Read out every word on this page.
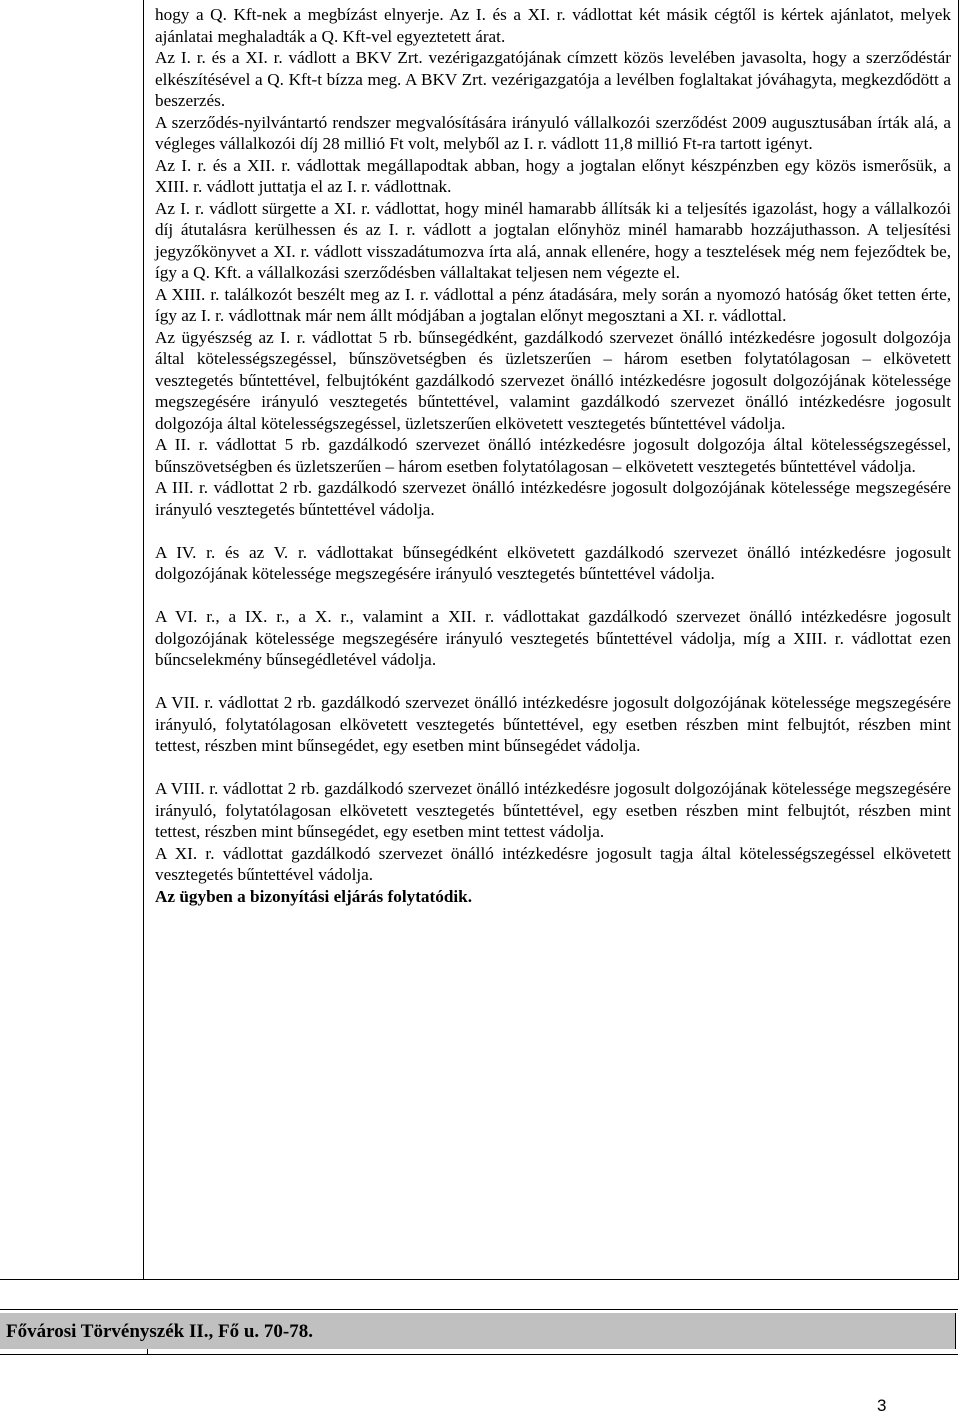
hogy a Q. Kft-nek a megbízást elnyerje. Az I. és a XI. r. vádlottat két másik cégtől is kértek ajánlatot, melyek ajánlatai meghaladták a Q. Kft-vel egyeztetett árat.

Az I. r. és a XI. r. vádlott a BKV Zrt. vezérigazgatójának címzett közös levelében javasolta, hogy a szerződéstár elkészítésével a Q. Kft-t bízza meg. A BKV Zrt. vezérigazgatója a levélben foglaltakat jóváhagyta, megkezdődött a beszerzés.

A szerződés-nyilvántartó rendszer megvalósítására irányuló vállalkozói szerződést 2009 augusztusában írták alá, a végleges vállalkozói díj 28 millió Ft volt, melyből az I. r. vádlott 11,8 millió Ft-ra tartott igényt.

Az I. r. és a XII. r. vádlottak megállapodtak abban, hogy a jogtalan előnyt készpénzben egy közös ismerősük, a XIII. r. vádlott juttatja el az I. r. vádlottnak.

Az I. r. vádlott sürgette a XI. r. vádlottat, hogy minél hamarabb állítsák ki a teljesítés igazolást, hogy a vállalkozói díj átutalásra kerülhessen és az I. r. vádlott a jogtalan előnyhöz minél hamarabb hozzájuthasson. A teljesítési jegyzőkönyvet a XI. r. vádlott visszadátumozva írta alá, annak ellenére, hogy a tesztelések még nem fejeződtek be, így a Q. Kft. a vállalkozási szerződésben vállaltakat teljesen nem végezte el.

A XIII. r. találkozót beszélt meg az I. r. vádlottal a pénz átadására, mely során a nyomozó hatóság őket tetten érte, így az I. r. vádlottnak már nem állt módjában a jogtalan előnyt megosztani a XI. r. vádlottal.

Az ügyészség az I. r. vádlottat 5 rb. bűnsegédként, gazdálkodó szervezet önálló intézkedésre jogosult dolgozója által kötelességszegéssel, bűnszövetségben és üzletszerűen – három esetben folytatólagosan – elkövetett vesztegetés bűntettével, felbujtóként gazdálkodó szervezet önálló intézkedésre jogosult dolgozójának kötelessége megszegésére irányuló vesztegetés bűntettével, valamint gazdálkodó szervezet önálló intézkedésre jogosult dolgozója által kötelességszegéssel, üzletszerűen elkövetett vesztegetés bűntettével vádolja.

A II. r. vádlottat 5 rb. gazdálkodó szervezet önálló intézkedésre jogosult dolgozója által kötelességszegéssel, bűnszövetségben és üzletszerűen – három esetben folytatólagosan – elkövetett vesztegetés bűntettével vádolja.

A III. r. vádlottat 2 rb. gazdálkodó szervezet önálló intézkedésre jogosult dolgozójának kötelessége megszegésére irányuló vesztegetés bűntettével vádolja.

A IV. r. és az V. r. vádlottakat bűnsegédként elkövetett gazdálkodó szervezet önálló intézkedésre jogosult dolgozójának kötelessége megszegésére irányuló vesztegetés bűntettével vádolja.

A VI. r., a IX. r., a X. r., valamint a XII. r. vádlottakat gazdálkodó szervezet önálló intézkedésre jogosult dolgozójának kötelessége megszegésére irányuló vesztegetés bűntettével vádolja, míg a XIII. r. vádlottat ezen bűncselekmény bűnsegédletével vádolja.

A VII. r. vádlottat 2 rb. gazdálkodó szervezet önálló intézkedésre jogosult dolgozójának kötelessége megszegésére irányuló, folytatólagosan elkövetett vesztegetés bűntettével, egy esetben részben mint felbujtót, részben mint tettest, részben mint bűnsegédet, egy esetben mint bűnsegédet vádolja.

A VIII. r. vádlottat 2 rb. gazdálkodó szervezet önálló intézkedésre jogosult dolgozójának kötelessége megszegésére irányuló, folytatólagosan elkövetett vesztegetés bűntettével, egy esetben részben mint felbujtót, részben mint tettest, részben mint bűnsegédet, egy esetben mint tettest vádolja.

A XI. r. vádlottat gazdálkodó szervezet önálló intézkedésre jogosult tagja által kötelességszegéssel elkövetett vesztegetés bűntettével vádolja.

Az ügyben a bizonyítási eljárás folytatódik.

Fővárosi Törvényszék II., Fő u. 70-78.
3
